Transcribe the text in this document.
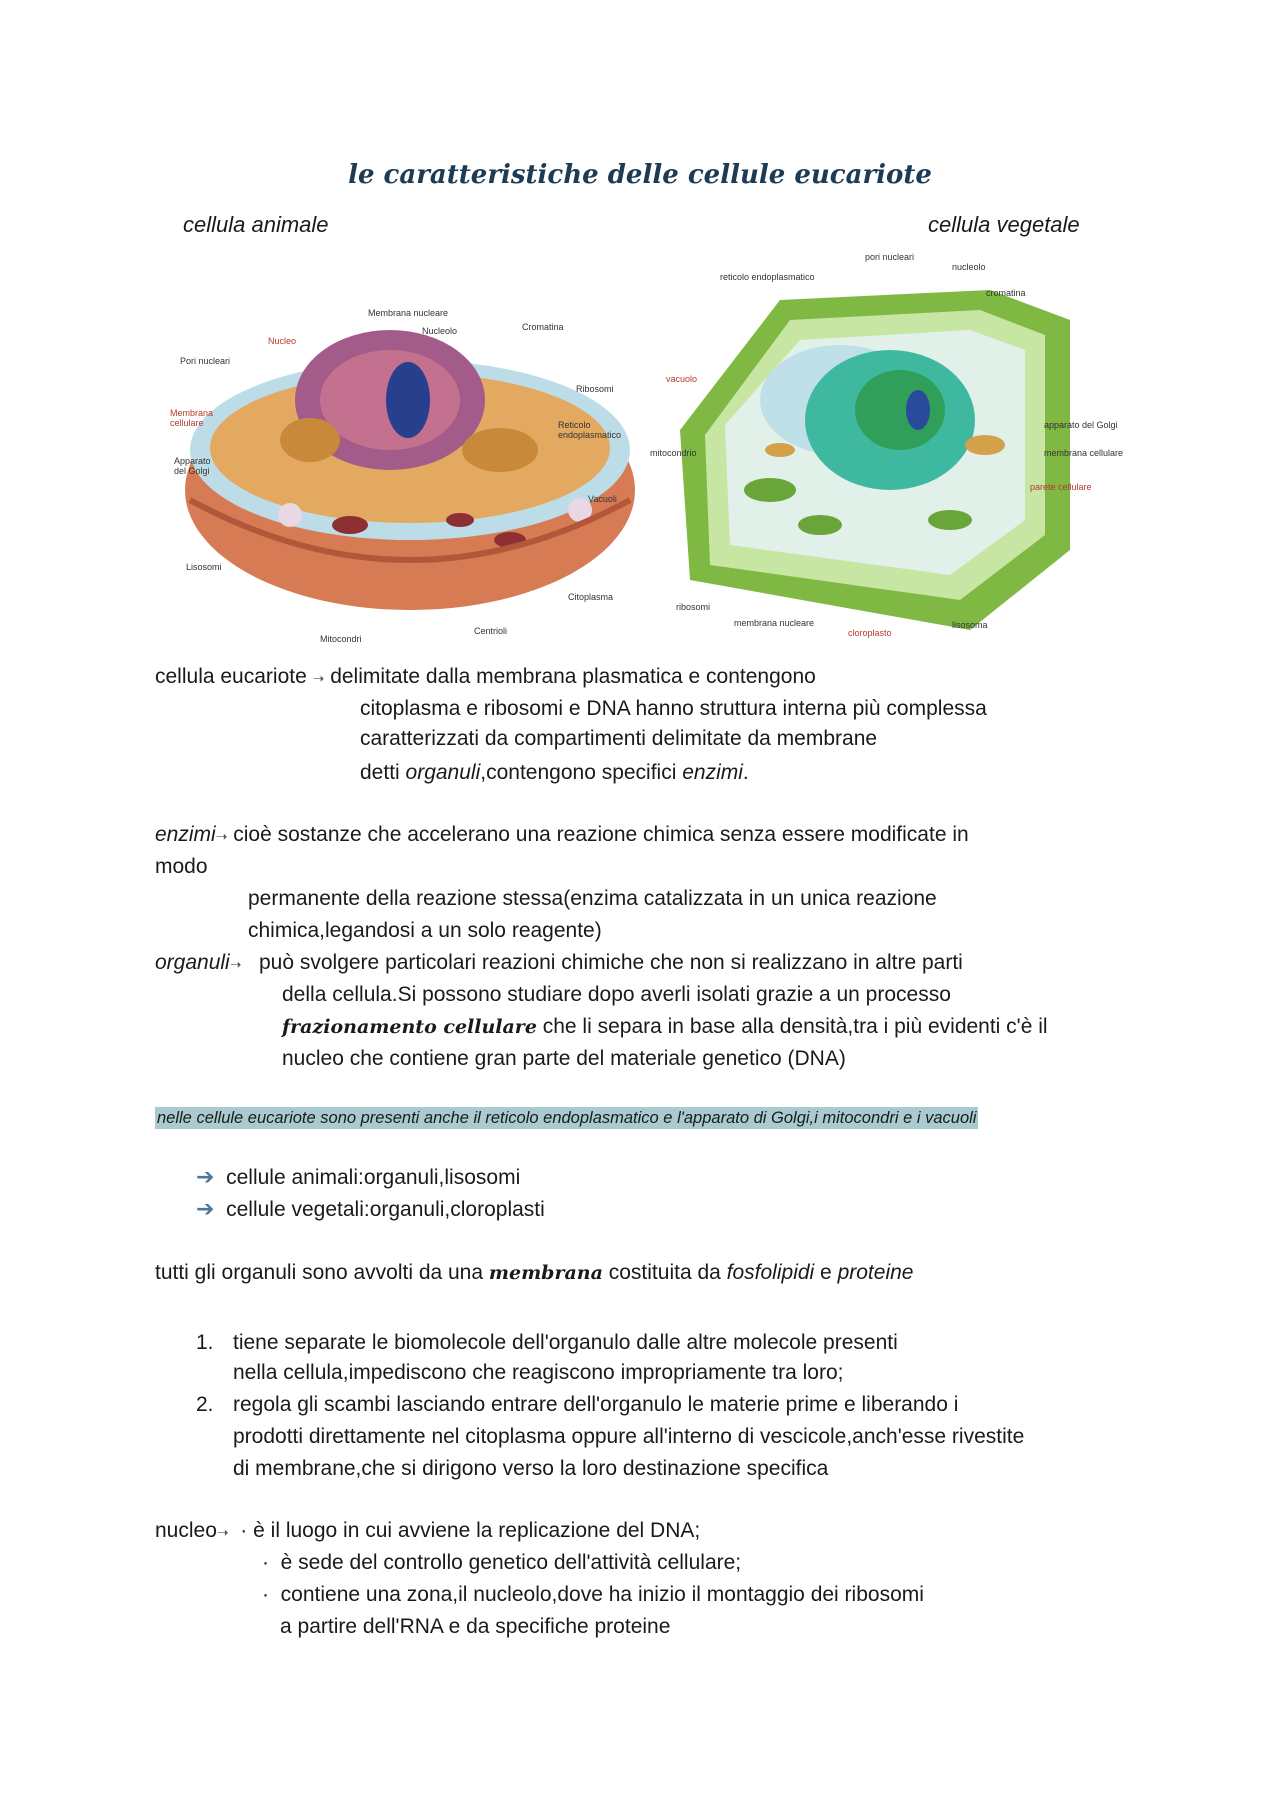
le caratteristiche delle cellule eucariote
cellula animale	cellula vegetale
Membrana nucleare
Nucleolo	Cromatina
Nucleo
Pori nucleari
Ribosomi
Membrana cellulare	Reticolo endoplasmatico
Apparato del Golgi
Vacuoli
Lisosomi
Citoplasma
Mitocondri
Centrioli
pori nucleari
reticolo endoplasmatico
nucleolo
cromatina
vacuolo
apparato del Golgi
mitocondrio	membrana cellulare
parete cellulare
ribosomi
membrana nucleare
cloroplasto
lisosoma
cellula eucariote ➝ delimitate dalla membrana plasmatica e contengono
citoplasma e ribosomi e DNA hanno struttura interna più complessa
caratterizzati da compartimenti delimitate da membrane
detti organuli,contengono specifici enzimi.
enzimi➝ cioè sostanze che accelerano una reazione chimica senza essere modificate in
modo
permanente della reazione stessa(enzima catalizzata in un unica reazione
chimica,legandosi a un solo reagente)
organuli➝ può svolgere particolari reazioni chimiche che non si realizzano in altre parti
della cellula.Si possono studiare dopo averli isolati grazie a un processo
frazionamento cellulare che li separa in base alla densità,tra i più evidenti c'è il
nucleo che contiene gran parte del materiale genetico (DNA)
nelle cellule eucariote sono presenti anche il reticolo endoplasmatico e l'apparato di Golgi,i mitocondri e i vacuoli
➔ cellule animali:organuli,lisosomi
➔ cellule vegetali:organuli,cloroplasti
tutti gli organuli sono avvolti da una membrana costituita da fosfolipidi e proteine
1. tiene separate le biomolecole dell'organulo dalle altre molecole presenti
nella cellula,impediscono che reagiscono impropriamente tra loro;
2. regola gli scambi lasciando entrare dell'organulo le materie prime e liberando i
prodotti direttamente nel citoplasma oppure all'interno di vescicole,anch'esse rivestite
di membrane,che si dirigono verso la loro destinazione specifica
nucleo➝ · è il luogo in cui avviene la replicazione del DNA;
· è sede del controllo genetico dell'attività cellulare;
· contiene una zona,il nucleolo,dove ha inizio il montaggio dei ribosomi
a partire dell'RNA e da specifiche proteine
